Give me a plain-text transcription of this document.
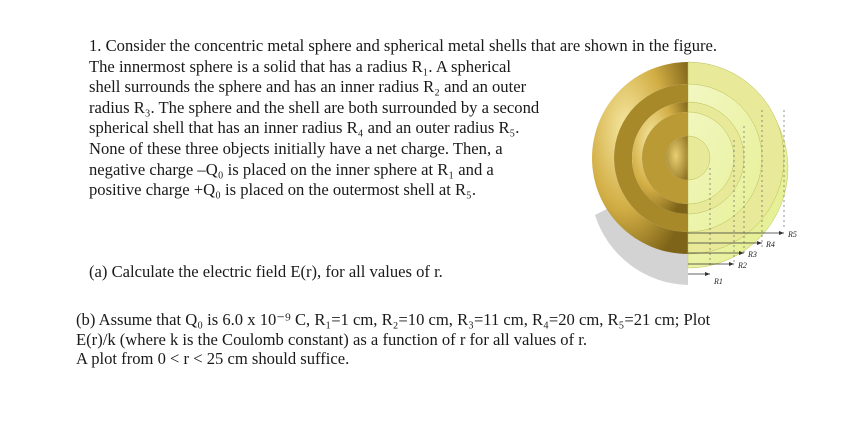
1. Consider the concentric metal sphere and spherical metal shells that are shown in the figure.
The innermost sphere is a solid that has a radius R₁. A spherical
shell surrounds the sphere and has an inner radius R₂ and an outer
radius R₃. The sphere and the shell are both surrounded by a second
spherical shell that has an inner radius R₄ and an outer radius R₅.
None of these three objects initially have a net charge. Then, a
negative charge –Q₀ is placed on the inner sphere at R₁ and a
positive charge +Q₀ is placed on the outermost shell at R₅.
(a) Calculate the electric field E(r), for all values of r.
(b) Assume that Q₀ is 6.0 x 10⁻⁹ C, R₁=1 cm, R₂=10 cm, R₃=11 cm, R₄=20 cm, R₅=21 cm; Plot
E(r)/k (where k is the Coulomb constant) as a function of r for all values of r.
A plot from 0 < r < 25 cm should suffice.
R5
R4
R3
R2
R1
